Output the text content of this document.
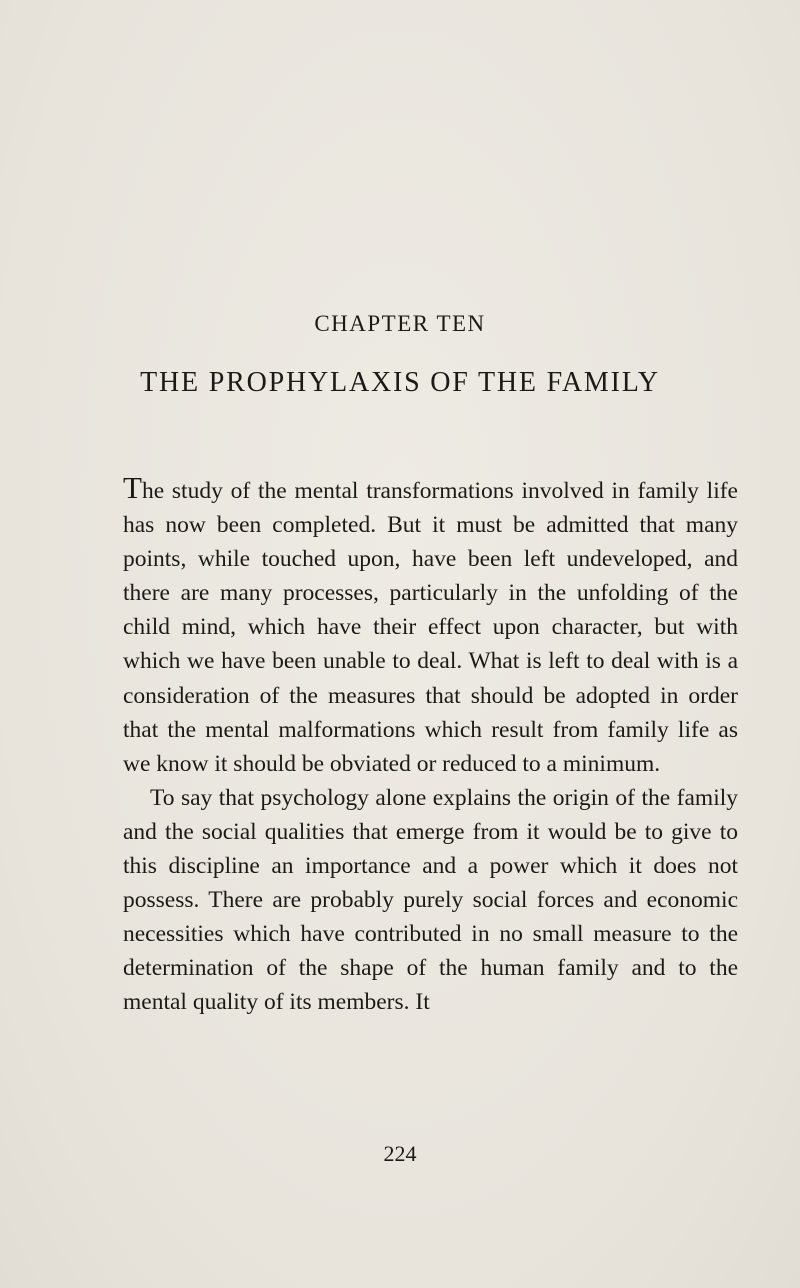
CHAPTER TEN
THE PROPHYLAXIS OF THE FAMILY

The study of the mental transformations involved in family life has now been completed. But it must be admitted that many points, while touched upon, have been left undeveloped, and there are many processes, particularly in the unfolding of the child mind, which have their effect upon character, but with which we have been unable to deal. What is left to deal with is a consideration of the measures that should be adopted in order that the mental malformations which result from family life as we know it should be obviated or reduced to a minimum.

To say that psychology alone explains the origin of the family and the social qualities that emerge from it would be to give to this discipline an importance and a power which it does not possess. There are probably purely social forces and economic necessities which have contributed in no small measure to the determination of the shape of the human family and to the mental quality of its members. It

224
